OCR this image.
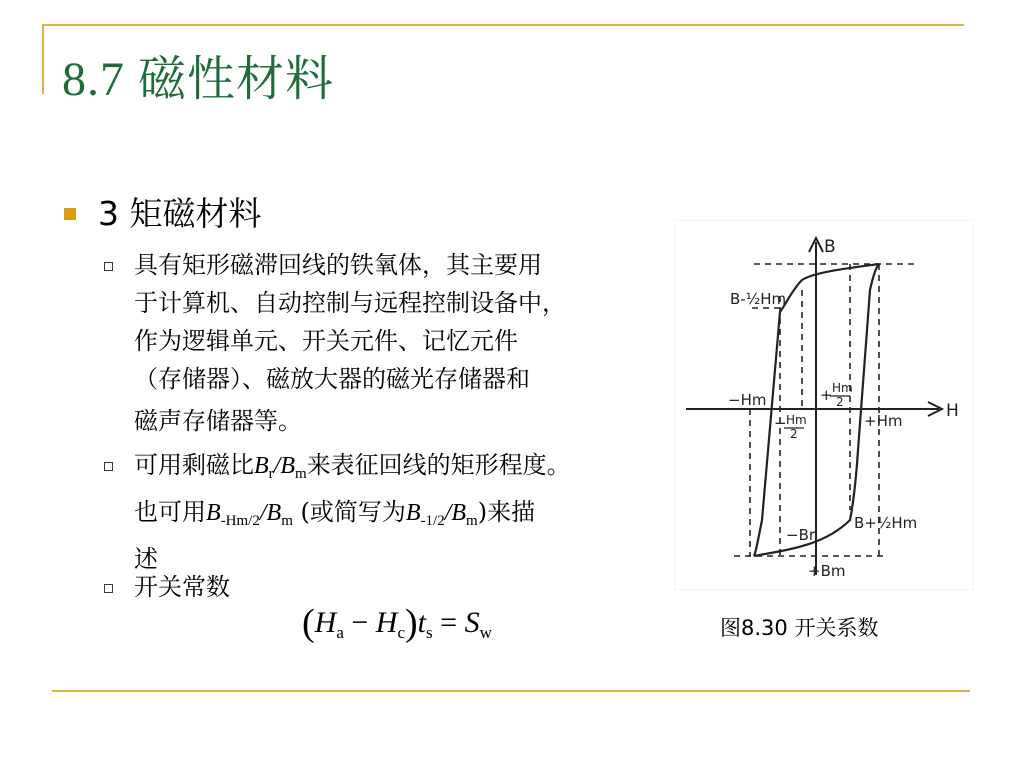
8.7 磁性材料
3 矩磁材料
具有矩形磁滞回线的铁氧体，其主要用
于计算机、自动控制与远程控制设备中，
作为逻辑单元、开关元件、记忆元件
（存储器）、磁放大器的磁光存储器和
磁声存储器等。
可用剩磁比$B_r/B_m$来表征回线的矩形程度。
也可用$B_{-Hm/2}/B_m$ (或简写为$B_{-1/2}/B_m$)来描
述
开关常数
$(H_a - H_c)t_s = S_w$
B
H
B-½Hm
−Hm	+ Hm
2
− Hm
2
+Hm
−Br
B+½Hm
+Bm
图8.30 开关系数
